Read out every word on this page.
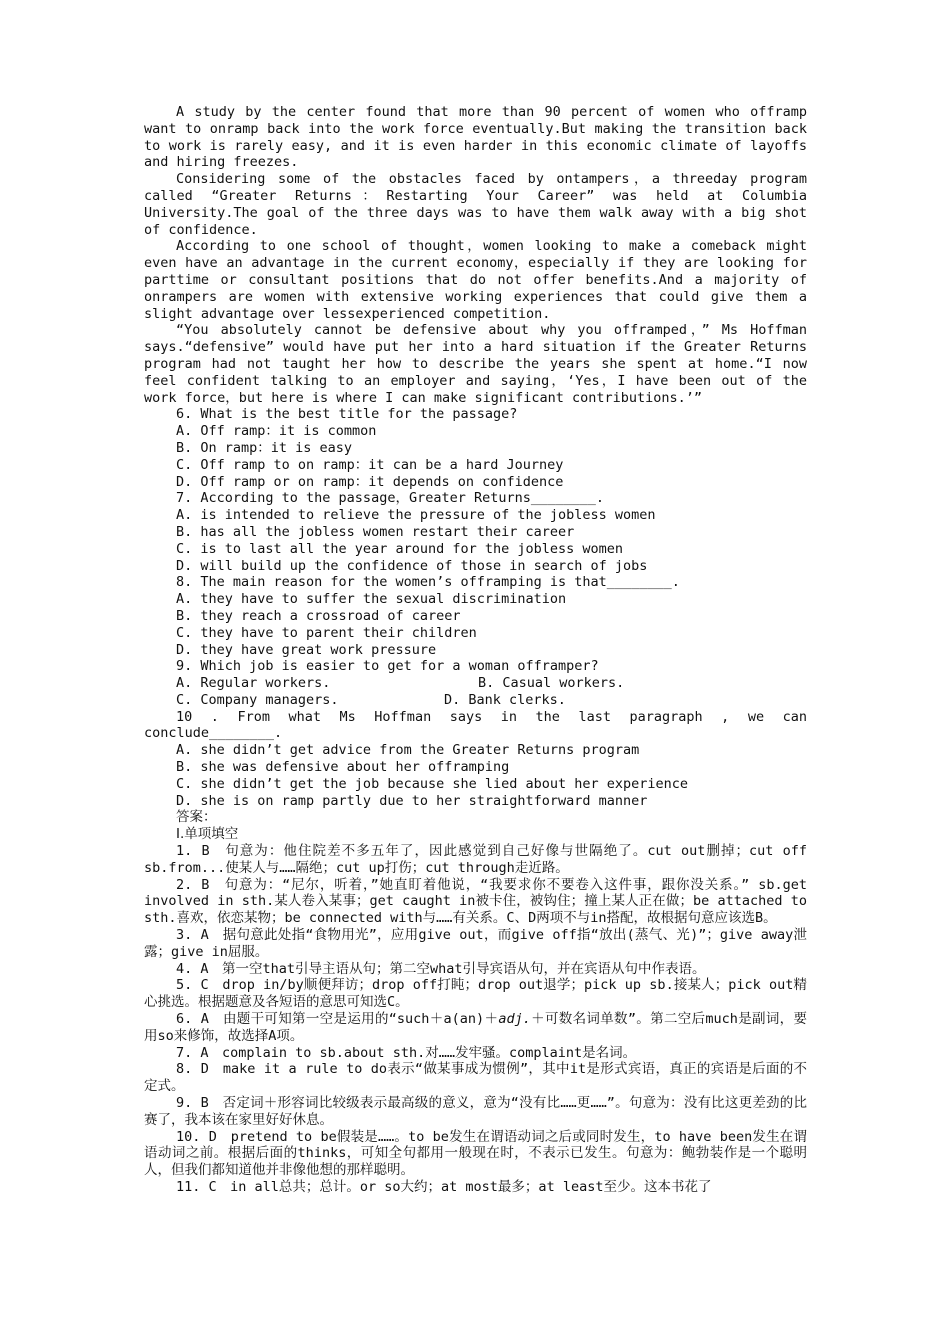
A study by the center found that more than 90 percent of women who offramp want to onramp back into the work force eventually.But making the transition back to work is rarely easy, and it is even harder in this economic climate of layoffs and hiring freezes.

Considering some of the obstacles faced by ontampers，a threeday program called “Greater Returns：Restarting Your Career” was held at Columbia University.The goal of the three days was to have them walk away with a big shot of confidence.

According to one school of thought，women looking to make a comeback might even have an advantage in the current economy，especially if they are looking for parttime or consultant positions that do not offer benefits.And a majority of onrampers are women with extensive working experiences that could give them a slight advantage over lessexperienced competition.

“You absolutely cannot be defensive about why you offramped，” Ms Hoffman says.“defensive” would have put her into a hard situation if the Greater Returns program had not taught her how to describe the years she spent at home.“I now feel confident talking to an employer and saying，‘Yes，I have been out of the work force，but here is where I can make significant contributions.’”

6. What is the best title for the passage?
A. Off ramp：it is common
B. On ramp：it is easy
C. Off ramp to on ramp：it can be a hard Journey
D. Off ramp or on ramp：it depends on confidence
7. According to the passage，Greater Returns________.
A. is intended to relieve the pressure of the jobless women
B. has all the jobless women restart their career
C. is to last all the year around for the jobless women
D. will build up the confidence of those in search of jobs
8. The main reason for the women’s offramping is that________.
A. they have to suffer the sexual discrimination
B. they reach a crossroad of career
C. they have to parent their children
D. they have great work pressure
9. Which job is easier to get for a woman offramper?
A. Regular workers.	B. Casual workers.
C. Company managers.	D. Bank clerks.
10 . From what Ms Hoffman says in the last paragraph , we can
conclude________.
A. she didn’t get advice from the Greater Returns program
B. she was defensive about her offramping
C. she didn’t get the job because she lied about her experience
D. she is on ramp partly due to her straightforward manner
答案：
Ⅰ.单项填空

1. B　句意为：他住院差不多五年了，因此感觉到自己好像与世隔绝了。cut out删掉；cut off sb.from...使某人与……隔绝；cut up打伤；cut through走近路。

2. B　句意为：“尼尔，听着，”她直盯着他说，“我要求你不要卷入这件事，跟你没关系。” sb.get involved in sth.某人卷入某事；get caught in被卡住，被钩住；撞上某人正在做；be attached to sth.喜欢，依恋某物；be connected with与……有关系。C、D两项不与in搭配，故根据句意应该选B。

3. A　据句意此处指“食物用光”，应用give out，而give off指“放出(蒸气、光)”；give away泄露；give in屈服。

4. A　第一空that引导主语从句；第二空what引导宾语从句，并在宾语从句中作表语。

5. C　drop in/by顺便拜访；drop off打盹；drop out退学；pick up sb.接某人；pick out精心挑选。根据题意及各短语的意思可知选C。

6. A　由题干可知第一空是运用的“such＋a(an)＋adj.＋可数名词单数”。第二空后much是副词，要用so来修饰，故选择A项。

7. A　complain to sb.about sth.对……发牢骚。complaint是名词。

8. D　make it a rule to do表示“做某事成为惯例”，其中it是形式宾语，真正的宾语是后面的不定式。

9. B　否定词＋形容词比较级表示最高级的意义，意为“没有比……更……”。句意为：没有比这更差劲的比赛了，我本该在家里好好休息。

10. D　pretend to be假装是……。to be发生在谓语动词之后或同时发生，to have been发生在谓语动词之前。根据后面的thinks，可知全句都用一般现在时，不表示已发生。句意为：鲍勃装作是一个聪明人，但我们都知道他并非像他想的那样聪明。

11. C　in all总共；总计。or so大约；at most最多；at least至少。这本书花了
